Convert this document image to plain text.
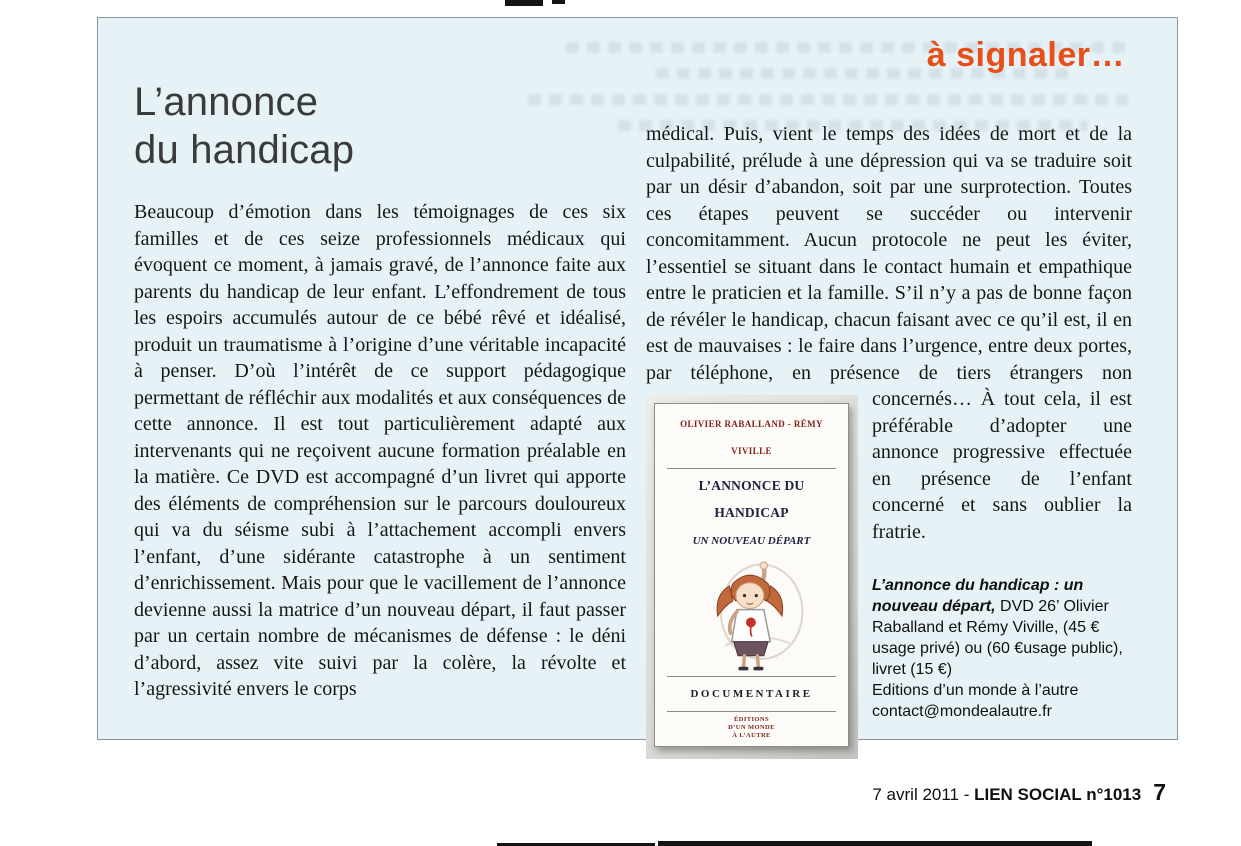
à signaler…
L’annonce
du handicap

Beaucoup d’émotion dans les témoignages de ces six familles et de ces seize professionnels médicaux qui évoquent ce moment, à jamais gravé, de l’annonce faite aux parents du handicap de leur enfant. L’effondrement de tous les espoirs accumulés autour de ce bébé rêvé et idéalisé, produit un traumatisme à l’origine d’une véritable incapacité à penser. D’où l’intérêt de ce support pédagogique permettant de réfléchir aux modalités et aux conséquences de cette annonce. Il est tout particulièrement adapté aux intervenants qui ne reçoivent aucune formation préalable en la matière. Ce DVD est accompagné d’un livret qui apporte des éléments de compréhension sur le parcours douloureux qui va du séisme subi à l’attachement accompli envers l’enfant, d’une sidérante catastrophe à un sentiment d’enrichissement. Mais pour que le vacillement de l’annonce devienne aussi la matrice d’un nouveau départ, il faut passer par un certain nombre de mécanismes de défense : le déni d’abord, assez vite suivi par la colère, la révolte et l’agressivité envers le corps

médical. Puis, vient le temps des idées de mort et de la culpabilité, prélude à une dépression qui va se traduire soit par un désir d’abandon, soit par une surprotection. Toutes ces étapes peuvent se succéder ou intervenir concomitamment. Aucun protocole ne peut les éviter, l’essentiel se situant dans le contact humain et empathique entre le praticien et la famille. S’il n’y a pas de bonne façon de révéler le handicap, chacun faisant avec ce qu’il est, il en est de mauvaises : le faire dans l’urgence, entre deux portes, par téléphone, en présence de tiers étrangers non concernés… À tout
OLIVIER RABALLAND - RÉMY VIVILLE
L’ANNONCE DU HANDICAP
UN NOUVEAU DÉPART
DOCUMENTAIRE
ÉDITIONS
D’UN MONDE
À L’AUTRE
cela, il est préférable d’adopter une annonce progressive effectuée en présence de l’enfant concerné et sans oublier la fratrie.

L’annonce du handicap : un nouveau départ, DVD 26’ Olivier Raballand et Rémy Viville, (45 € usage privé) ou (60 €usage public), livret (15 €)
Editions d’un monde à l’autre
contact@mondealautre.fr
7 avril 2011 - LIEN SOCIAL n°1013 7
